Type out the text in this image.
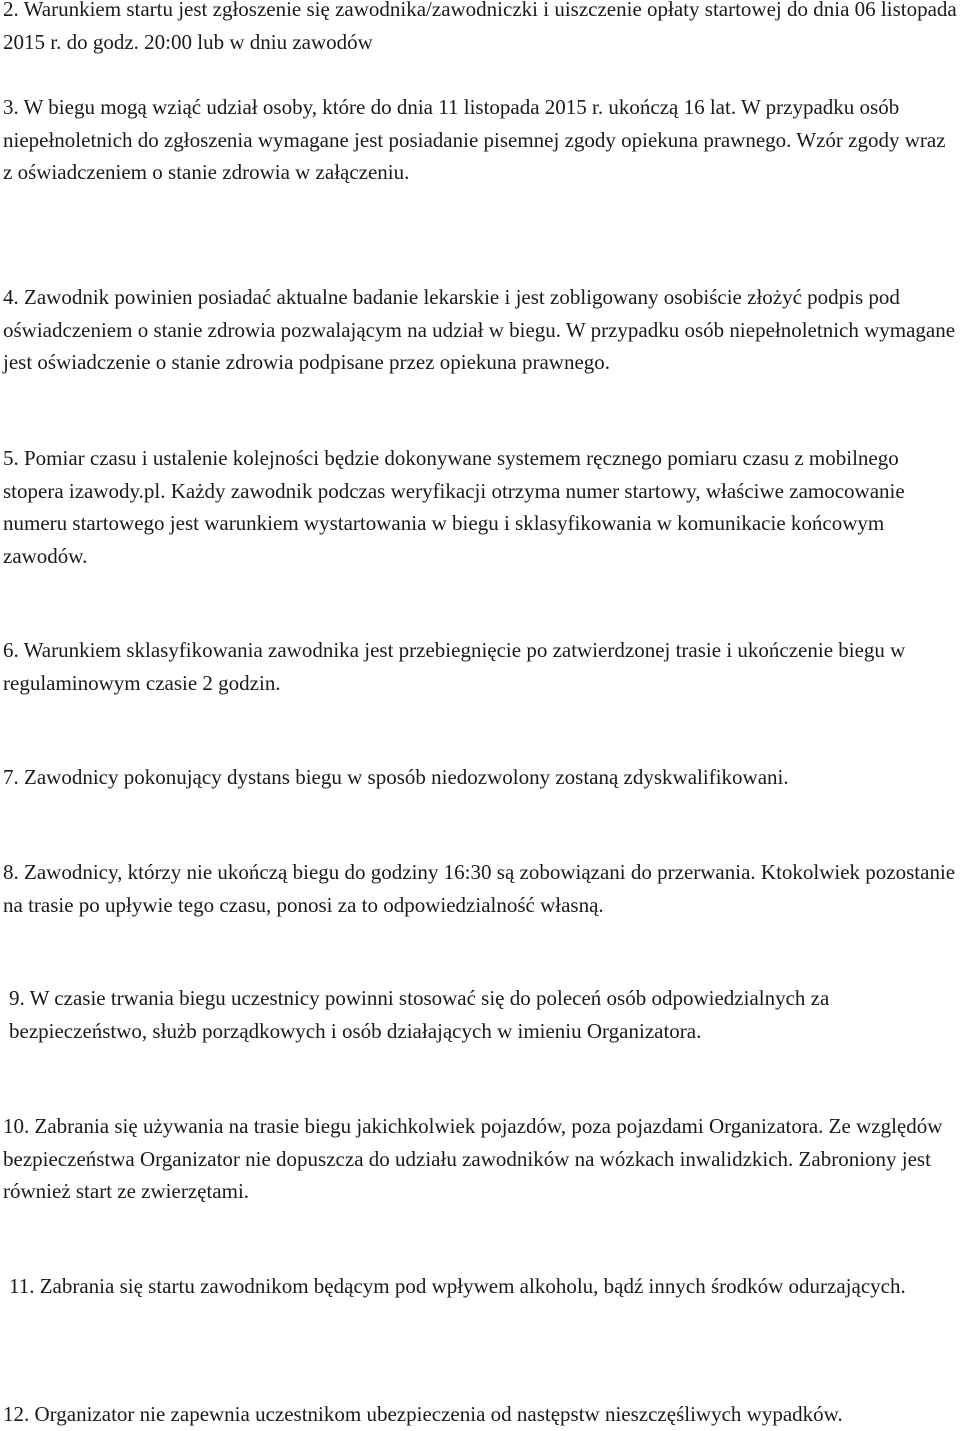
2. Warunkiem startu jest zgłoszenie się zawodnika/zawodniczki i uiszczenie opłaty startowej do dnia 06 listopada 2015 r. do godz. 20:00 lub w dniu zawodów

3. W biegu mogą wziąć udział osoby, które do dnia 11 listopada 2015 r. ukończą 16 lat. W przypadku osób niepełnoletnich do zgłoszenia wymagane jest posiadanie pisemnej zgody opiekuna prawnego. Wzór zgody wraz z oświadczeniem o stanie zdrowia w załączeniu.

4. Zawodnik powinien posiadać aktualne badanie lekarskie i jest zobligowany osobiście złożyć podpis pod oświadczeniem o stanie zdrowia pozwalającym na udział w biegu. W przypadku osób niepełnoletnich wymagane jest oświadczenie o stanie zdrowia podpisane przez opiekuna prawnego.

5. Pomiar czasu i ustalenie kolejności będzie dokonywane systemem ręcznego pomiaru czasu z mobilnego stopera izawody.pl. Każdy zawodnik podczas weryfikacji otrzyma numer startowy, właściwe zamocowanie numeru startowego jest warunkiem wystartowania w biegu i sklasyfikowania w komunikacie końcowym zawodów.

6. Warunkiem sklasyfikowania zawodnika jest przebiegnięcie po zatwierdzonej trasie i ukończenie biegu w regulaminowym czasie 2 godzin.

7. Zawodnicy pokonujący dystans biegu w sposób niedozwolony zostaną zdyskwalifikowani.

8. Zawodnicy, którzy nie ukończą biegu do godziny 16:30 są zobowiązani do przerwania. Ktokolwiek pozostanie na trasie po upływie tego czasu, ponosi za to odpowiedzialność własną.

9. W czasie trwania biegu uczestnicy powinni stosować się do poleceń osób odpowiedzialnych za bezpieczeństwo, służb porządkowych i osób działających w imieniu Organizatora.

10. Zabrania się używania na trasie biegu jakichkolwiek pojazdów, poza pojazdami Organizatora. Ze względów bezpieczeństwa Organizator nie dopuszcza do udziału zawodników na wózkach inwalidzkich. Zabroniony jest również start ze zwierzętami.

11. Zabrania się startu zawodnikom będącym pod wpływem alkoholu, bądź innych środków odurzających.

12. Organizator nie zapewnia uczestnikom ubezpieczenia od następstw nieszczęśliwych wypadków.
